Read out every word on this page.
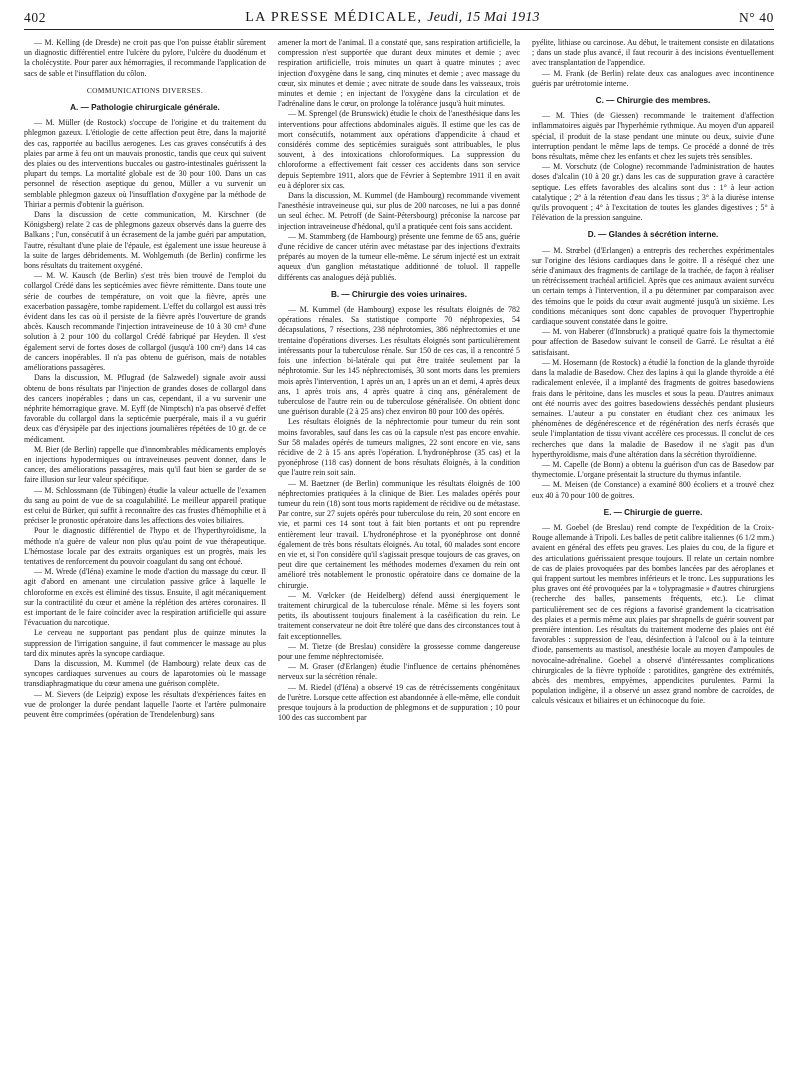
402	LA PRESSE MÉDICALE, Jeudi, 15 Mai 1913	N° 40

— M. Kelling (de Dresde) ne croit pas que l'on puisse établir sûrement un diagnostic différentiel entre l'ulcère du pylore, l'ulcère du duodénum et la cholécystite. Pour parer aux hémorragies, il recommande l'application de sacs de sable et l'insufflation du côlon.

COMMUNICATIONS DIVERSES.
A. — Pathologie chirurgicale générale.

— M. Müller (de Rostock) s'occupe de l'origine et du traitement du phlegmon gazeux. L'étiologie de cette affection peut être, dans la majorité des cas, rapportée au bacillus aerogenes. Les cas graves consécutifs à des plaies par arme à feu ont un mauvais pronostic, tandis que ceux qui suivent des plaies ou des interventions buccales ou gastro-intestinales guérissent la plupart du temps. La mortalité globale est de 30 pour 100. Dans un cas personnel de résection aseptique du genou, Müller a vu survenir un semblable phlegmon gazeux où l'insufflation d'oxygène par la méthode de Thiriar a permis d'obtenir la guérison.

Dans la discussion de cette communication, M. Kirschner (de Königsberg) relate 2 cas de phlegmons gazeux observés dans la guerre des Balkans ; l'un, consécutif à un écrasement de la jambe guéri par amputation, l'autre, résultant d'une plaie de l'épaule, est également une issue heureuse à la suite de larges débridements. M. Wohlgemuth (de Berlin) confirme les bons résultats du traitement oxygéné.

— M. W. Kausch (de Berlin) s'est très bien trouvé de l'emploi du collargol Crédé dans les septicémies avec fièvre rémittente. Dans toute une série de courbes de température, on voit que la fièvre, après une exacerbation passagère, tombe rapidement. L'effet du collargol est aussi très évident dans les cas où il persiste de la fièvre après l'ouverture de grands abcès. Kausch recommande l'injection intraveineuse de 10 à 30 cm³ d'une solution à 2 pour 100 du collargol Crédé fabriqué par Heyden. Il s'est également servi de fortes doses de collargol (jusqu'à 100 cm³) dans 14 cas de cancers inopérables. Il n'a pas obtenu de guérison, mais de notables améliorations passagères.

Dans la discussion, M. Pflugrad (de Salzwedel) signale avoir aussi obtenu de bons résultats par l'injection de grandes doses de collargol dans des cancers inopérables ; dans un cas, cependant, il a vu survenir une néphrite hémorragique grave. M. Eyff (de Nimptsch) n'a pas observé d'effet favorable du collargol dans la septicémie puerpérale, mais il a vu guérir deux cas d'érysipèle par des injections journalières répétées de 10 gr. de ce médicament.

M. Bier (de Berlin) rappelle que d'innombrables médicaments employés en injections hypodermiques ou intraveineuses peuvent donner, dans le cancer, des améliorations passagères, mais qu'il faut bien se garder de se faire illusion sur leur valeur spécifique.

— M. Schlossmann (de Tübingen) étudie la valeur actuelle de l'examen du sang au point de vue de sa coagulabilité. Le meilleur appareil pratique est celui de Bürker, qui suffit à reconnaître des cas frustes d'hémophilie et à préciser le pronostic opératoire dans les affections des voies biliaires.

Pour le diagnostic différentiel de l'hypo et de l'hyperthyroïdisme, la méthode n'a guère de valeur non plus qu'au point de vue thérapeutique. L'hémostase locale par des extraits organiques est un progrès, mais les tentatives de renforcement du pouvoir coagulant du sang ont échoué.

— M. Wrede (d'Iéna) examine le mode d'action du massage du cœur. Il agit d'abord en amenant une circulation passive grâce à laquelle le chloroforme en excès est éliminé des tissus. Ensuite, il agit mécaniquement sur la contractilité du cœur et amène la réplétion des artères coronaires. Il est important de le faire coïncider avec la respiration artificielle qui assure l'évacuation du narcotique.

Le cerveau ne supportant pas pendant plus de quinze minutes la suppression de l'irrigation sanguine, il faut commencer le massage au plus tard dix minutes après la syncope cardiaque.

Dans la discussion, M. Kummel (de Hambourg) relate deux cas de syncopes cardiaques survenues au cours de laparotomies où le massage transdiaphragmatique du cœur amena une guérison complète.

— M. Sievers (de Leipzig) expose les résultats d'expériences faites en vue de prolonger la durée pendant laquelle l'aorte et l'artère pulmonaire peuvent être comprimées (opération de Trendelenburg) sans

amener la mort de l'animal. Il a constaté que, sans respiration artificielle, la compression n'est supportée que durant deux minutes et demie ; avec respiration artificielle, trois minutes un quart à quatre minutes ; avec injection d'oxygène dans le sang, cinq minutes et demie ; avec massage du cœur, six minutes et demie ; avec nitrate de soude dans les vaisseaux, trois minutes et demie ; en injectant de l'oxygène dans la circulation et de l'adrénaline dans le cœur, on prolonge la tolérance jusqu'à huit minutes.

— M. Sprengel (de Brunswick) étudie le choix de l'anesthésique dans les interventions pour affections abdominales aiguës. Il estime que les cas de mort consécutifs, notamment aux opérations d'appendicite à chaud et considérés comme des septicémies suraiguës sont attribuables, le plus souvent, à des intoxications chloroformiques. La suppression du chloroforme a effectivement fait cesser ces accidents dans son service depuis Septembre 1911, alors que de Février à Septembre 1911 il en avait eu à déplorer six cas.

Dans la discussion, M. Kummel (de Hambourg) recommande vivement l'anesthésie intraveineuse qui, sur plus de 200 narcoses, ne lui a pas donné un seul échec. M. Petroff (de Saint-Pétersbourg) préconise la narcose par injection intraveineuse d'hédonal, qu'il a pratiquée cent fois sans accident.

— M. Stammberg (de Hambourg) présente une femme de 65 ans, guérie d'une récidive de cancer utérin avec métastase par des injections d'extraits préparés au moyen de la tumeur elle-même. Le sérum injecté est un extrait aqueux d'un ganglion métastatique additionné de toluol. Il rappelle différents cas analogues déjà publiés.

B. — Chirurgie des voies urinaires.

— M. Kummel (de Hambourg) expose les résultats éloignés de 782 opérations rénales. Sa statistique comporte 70 néphropexies, 54 décapsulations, 7 résections, 238 néphrotomies, 386 néphrectomies et une trentaine d'opérations diverses. Les résultats éloignés sont particulièrement intéressants pour la tuberculose rénale. Sur 150 de ces cas, il a rencontré 5 fois une infection bi-latérale qui put être traitée seulement par la néphrotomie. Sur les 145 néphrectomisés, 30 sont morts dans les premiers mois après l'intervention, 1 après un an, 1 après un an et demi, 4 après deux ans, 1 après trois ans, 4 après quatre à cinq ans, généralement de tuberculose de l'autre rein ou de tuberculose généralisée. On obtient donc une guérison durable (2 à 25 ans) chez environ 80 pour 100 des opérés.

Les résultats éloignés de la néphrectomie pour tumeur du rein sont moins favorables, sauf dans les cas où la capsule n'est pas encore envahie. Sur 58 malades opérés de tumeurs malignes, 22 sont encore en vie, sans récidive de 2 à 15 ans après l'opération. L'hydronéphrose (35 cas) et la pyonéphrose (118 cas) donnent de bons résultats éloignés, à la condition que l'autre rein soit sain.

— M. Baetzner (de Berlin) communique les résultats éloignés de 100 néphrectomies pratiquées à la clinique de Bier. Les malades opérés pour tumeur du rein (18) sont tous morts rapidement de récidive ou de métastase. Par contre, sur 27 sujets opérés pour tuberculose du rein, 20 sont encore en vie, et parmi ces 14 sont tout à fait bien portants et ont pu reprendre entièrement leur travail. L'hydronéphrose et la pyonéphrose ont donné également de très bons résultats éloignés. Au total, 60 malades sont encore en vie et, si l'on considère qu'il s'agissait presque toujours de cas graves, on peut dire que certainement les méthodes modernes d'examen du rein ont amélioré très notablement le pronostic opératoire dans ce domaine de la chirurgie.

— M. Vœlcker (de Heidelberg) défend aussi énergiquement le traitement chirurgical de la tuberculose rénale. Même si les foyers sont petits, ils aboutissent toujours finalement à la caséification du rein. Le traitement conservateur ne doit être toléré que dans des circonstances tout à fait exceptionnelles.

— M. Tietze (de Breslau) considère la grossesse comme dangereuse pour une femme néphrectomisée.

— M. Graser (d'Erlangen) étudie l'influence de certains phénomènes nerveux sur la sécrétion rénale.

— M. Riedel (d'Iéna) a observé 19 cas de rétrécissements congénitaux de l'urètre. Lorsque cette affection est abandonnée à elle-même, elle conduit presque toujours à la production de phlegmons et de suppuration ; 10 pour 100 des cas succombent par

pyélite, lithiase ou carcinose. Au début, le traitement consiste en dilatations ; dans un stade plus avancé, il faut recourir à des incisions éventuellement avec transplantation de l'appendice.

— M. Frank (de Berlin) relate deux cas analogues avec incontinence guéris par urétrotomie interne.

C. — Chirurgie des membres.

— M. Thies (de Giessen) recommande le traitement d'affection inflammatoires aiguës par l'hyperhémie rythmique. Au moyen d'un appareil spécial, il produit de la stase pendant une minute ou deux, suivie d'une interruption pendant le même laps de temps. Ce procédé a donné de très bons résultats, même chez les enfants et chez les sujets très sensibles.

— M. Vorschutz (de Cologne) recommande l'administration de hautes doses d'alcalin (10 à 20 gr.) dans les cas de suppuration grave à caractère septique. Les effets favorables des alcalins sont dus : 1° à leur action catalytique ; 2° à la rétention d'eau dans les tissus ; 3° à la diurèse intense qu'ils provoquent ; 4° à l'excitation de toutes les glandes digestives ; 5° à l'élévation de la pression sanguine.

D. — Glandes à sécrétion interne.

— M. Strœbel (d'Erlangen) a entrepris des recherches expérimentales sur l'origine des lésions cardiaques dans le goitre. Il a réséqué chez une série d'animaux des fragments de cartilage de la trachée, de façon à réaliser un rétrécissement trachéal artificiel. Après que ces animaux avaient survécu un certain temps à l'intervention, il a pu déterminer par comparaison avec des témoins que le poids du cœur avait augmenté jusqu'à un sixième. Les conditions mécaniques sont donc capables de provoquer l'hypertrophie cardiaque souvent constatée dans le goitre.

— M. von Haberer (d'Innsbruck) a pratiqué quatre fois la thymectomie pour affection de Basedow suivant le conseil de Garré. Le résultat a été satisfaisant.

— M. Hosemann (de Rostock) a étudié la fonction de la glande thyroïde dans la maladie de Basedow. Chez des lapins à qui la glande thyroïde a été radicalement enlevée, il a implanté des fragments de goitres basedowiens frais dans le péritoine, dans les muscles et sous la peau. D'autres animaux ont été nourris avec des goitres basedowiens desséchés pendant plusieurs semaines. L'auteur a pu constater en étudiant chez ces animaux les phénomènes de dégénérescence et de régénération des nerfs écrasés que seule l'implantation de tissu vivant accélère ces processus. Il conclut de ces recherches que dans la maladie de Basedow il ne s'agit pas d'un hyperthyroïdisme, mais d'une altération dans la sécrétion thyroïdienne.

— M. Capelle (de Bonn) a obtenu la guérison d'un cas de Basedow par thymectomie. L'organe présentait la structure du thymus infantile.

— M. Meisen (de Constance) a examiné 800 écoliers et a trouvé chez eux 40 à 70 pour 100 de goitres.

E. — Chirurgie de guerre.

— M. Goebel (de Breslau) rend compte de l'expédition de la Croix-Rouge allemande à Tripoli. Les balles de petit calibre italiennes (6 1/2 mm.) avaient en général des effets peu graves. Les plaies du cou, de la figure et des articulations guérissaient presque toujours. Il relate un certain nombre de cas de plaies provoquées par des bombes lancées par des aéroplanes et qui frappent surtout les membres inférieurs et le tronc. Les suppurations les plus graves ont été provoquées par la « tolypragmasie » d'autres chirurgiens (recherche des balles, pansements fréquents, etc.). Le climat particulièrement sec de ces régions a favorisé grandement la cicatrisation des plaies et a permis même aux plaies par shrapnells de guérir souvent par première intention. Les résultats du traitement moderne des plaies ont été favorables : suppression de l'eau, désinfection à l'alcool ou à la teinture d'iode, pansements au mastisol, anesthésie locale au moyen d'ampoules de novocaïne-adrénaline. Goebel a observé d'intéressantes complications chirurgicales de la fièvre typhoïde : parotidites, gangrène des extrémités, abcès des membres, empyèmes, appendicites purulentes. Parmi la population indigène, il a observé un assez grand nombre de cacroïdes, de calculs vésicaux et biliaires et un échinocoque du foie.
